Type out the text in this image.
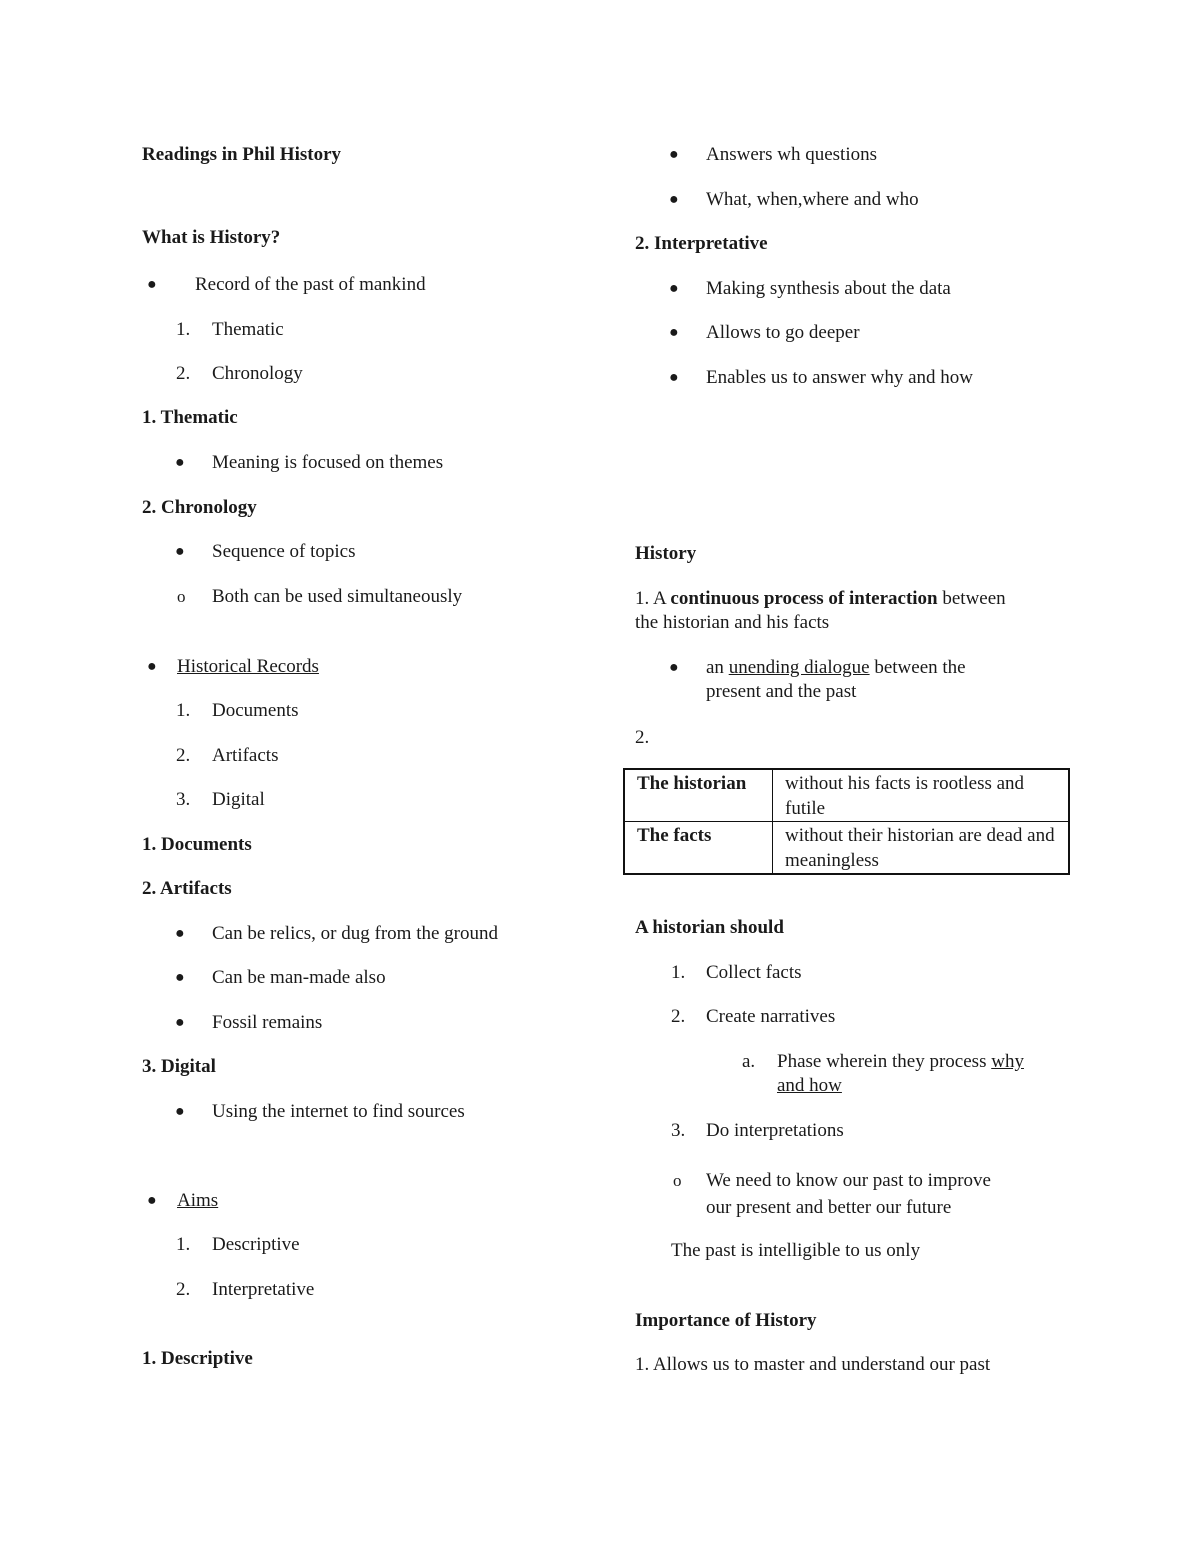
Readings in Phil History
What is History?
● Record of the past of mankind
1. Thematic
2. Chronology
1. Thematic
● Meaning is focused on themes
2. Chronology
● Sequence of topics
o Both can be used simultaneously
● Historical Records
1. Documents
2. Artifacts
3. Digital
1. Documents
2. Artifacts
● Can be relics, or dug from the ground
● Can be man-made also
● Fossil remains
3. Digital
● Using the internet to find sources
● Aims
1. Descriptive
2. Interpretative
1. Descriptive
● Answers wh questions
● What, when,where and who
2. Interpretative
● Making synthesis about the data
● Allows to go deeper
● Enables us to answer why and how
History
1. A continuous process of interaction between
the historian and his facts
● an unending dialogue between the
present and the past
2.
The historian	without his facts is rootless and futile
The facts	without their historian are dead and meaningless
A historian should
1. Collect facts
2. Create narratives
a. Phase wherein they process why
and how
3. Do interpretations
o We need to know our past to improve
our present and better our future
The past is intelligible to us only
Importance of History
1. Allows us to master and understand our past
